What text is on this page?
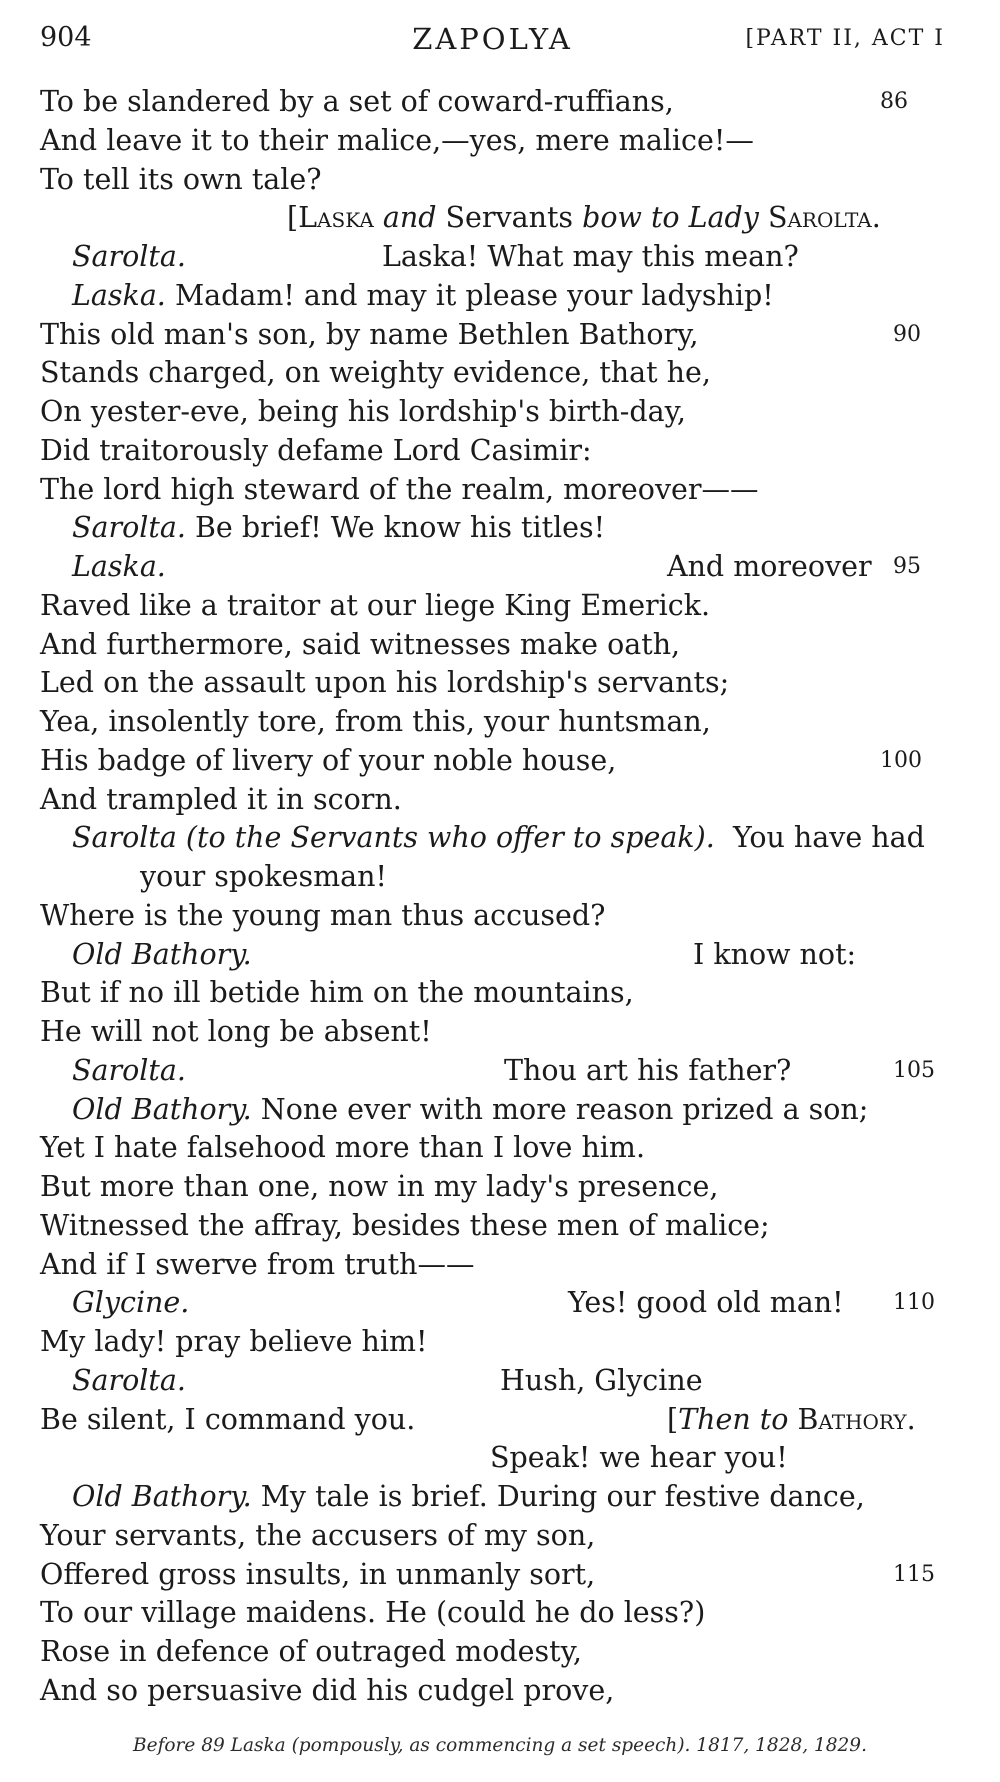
904	ZAPOLYA	[PART II, ACT I
To be slandered by a set of coward-ruffians,	86
And leave it to their malice,—yes, mere malice!—
To tell its own tale?
[Laska and Servants bow to Lady Sarolta.
Sarolta.	Laska! What may this mean?
Laska. Madam! and may it please your ladyship!
This old man's son, by name Bethlen Bathory,	90
Stands charged, on weighty evidence, that he,
On yester-eve, being his lordship's birth-day,
Did traitorously defame Lord Casimir:
The lord high steward of the realm, moreover——
Sarolta. Be brief! We know his titles!
Laska.	And moreover 95
Raved like a traitor at our liege King Emerick.
And furthermore, said witnesses make oath,
Led on the assault upon his lordship's servants;
Yea, insolently tore, from this, your huntsman,
His badge of livery of your noble house,	100
And trampled it in scorn.
Sarolta (to the Servants who offer to speak). You have had
your spokesman!
Where is the young man thus accused?
Old Bathory.	I know not:
But if no ill betide him on the mountains,
He will not long be absent!
Sarolta.	Thou art his father?	105
Old Bathory. None ever with more reason prized a son;
Yet I hate falsehood more than I love him.
But more than one, now in my lady's presence,
Witnessed the affray, besides these men of malice;
And if I swerve from truth——
Glycine.	Yes! good old man! 110
My lady! pray believe him!
Sarolta.	Hush, Glycine
Be silent, I command you.	[Then to Bathory.
Speak! we hear you!
Old Bathory. My tale is brief. During our festive dance,
Your servants, the accusers of my son,
Offered gross insults, in unmanly sort,	115
To our village maidens. He (could he do less?)
Rose in defence of outraged modesty,
And so persuasive did his cudgel prove,
Before 89 Laska (pompously, as commencing a set speech). 1817, 1828, 1829.
